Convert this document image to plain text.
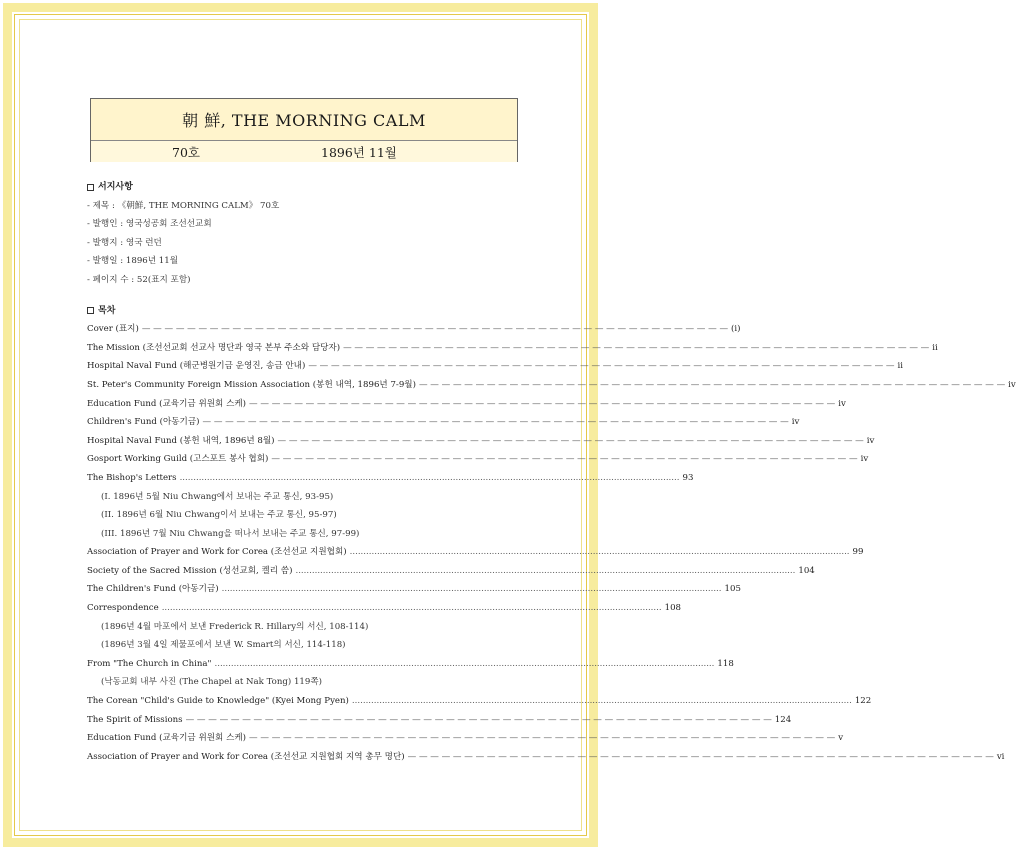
朝 鮮, THE MORNING CALM
70호	1896년 11월
서지사항
- 제목 : 《朝鮮, THE MORNING CALM》 70호
- 발행인 : 영국성공회 조선선교회
- 발행지 : 영국 런던
- 발행일 : 1896년 11월
- 페이지 수 : 52(표지 포함)
목차
Cover (표지) — — — — — — — — — — — — — — — — — — — — — — — — — — — — — — — — — — — — — — — — — — — — — — — — — — — — (i)
The Mission (조선선교회 선교사 명단과 영국 본부 주소와 담당자) — — — — — — — — — — — — — — — — — — — — — — — — — — — — — — — — — — — — — — — — — — — — — — — — — — — — ii
Hospital Naval Fund (해군병원기금 운영진, 송금 안내) — — — — — — — — — — — — — — — — — — — — — — — — — — — — — — — — — — — — — — — — — — — — — — — — — — — — ii
St. Peter's Community Foreign Mission Association (봉헌 내역, 1896년 7-9월) — — — — — — — — — — — — — — — — — — — — — — — — — — — — — — — — — — — — — — — — — — — — — — — — — — — — iv
Education Fund (교육기금 위원회 스케) — — — — — — — — — — — — — — — — — — — — — — — — — — — — — — — — — — — — — — — — — — — — — — — — — — — — iv
Children's Fund (아동기금) — — — — — — — — — — — — — — — — — — — — — — — — — — — — — — — — — — — — — — — — — — — — — — — — — — — — iv
Hospital Naval Fund (봉헌 내역, 1896년 8월) — — — — — — — — — — — — — — — — — — — — — — — — — — — — — — — — — — — — — — — — — — — — — — — — — — — — iv
Gosport Working Guild (고스포트 봉사 협회) — — — — — — — — — — — — — — — — — — — — — — — — — — — — — — — — — — — — — — — — — — — — — — — — — — — — iv
The Bishop's Letters ....................................................................................................................................................................................... 93
(I. 1896년 5월 Niu Chwang에서 보내는 주교 통신, 93-95)
(II. 1896년 6월 Niu Chwang이서 보내는 주교 통신, 95-97)
(III. 1896년 7월 Niu Chwang을 떠나서 보내는 주교 통신, 97-99)
Association of Prayer and Work for Corea (조선선교 지원협회) ....................................................................................................................................................................................... 99
Society of the Sacred Mission (성선교회, 켈리 씀) ....................................................................................................................................................................................... 104
The Children's Fund (아동기금) ....................................................................................................................................................................................... 105
Correspondence ....................................................................................................................................................................................... 108
(1896년 4월 마포에서 보낸 Frederick R. Hillary의 서신, 108-114)
(1896년 3월 4일 제물포에서 보낸 W. Smart의 서신, 114-118)
From "The Church in China" ....................................................................................................................................................................................... 118
(낙동교회 내부 사진 (The Chapel at Nak Tong) 119쪽)
The Corean "Child's Guide to Knowledge" (Kyei Mong Pyen) ....................................................................................................................................................................................... 122
The Spirit of Missions — — — — — — — — — — — — — — — — — — — — — — — — — — — — — — — — — — — — — — — — — — — — — — — — — — — — 124
Education Fund (교육기금 위원회 스케) — — — — — — — — — — — — — — — — — — — — — — — — — — — — — — — — — — — — — — — — — — — — — — — — — — — — v
Association of Prayer and Work for Corea (조선선교 지원협회 지역 총무 명단) — — — — — — — — — — — — — — — — — — — — — — — — — — — — — — — — — — — — — — — — — — — — — — — — — — — — vi
